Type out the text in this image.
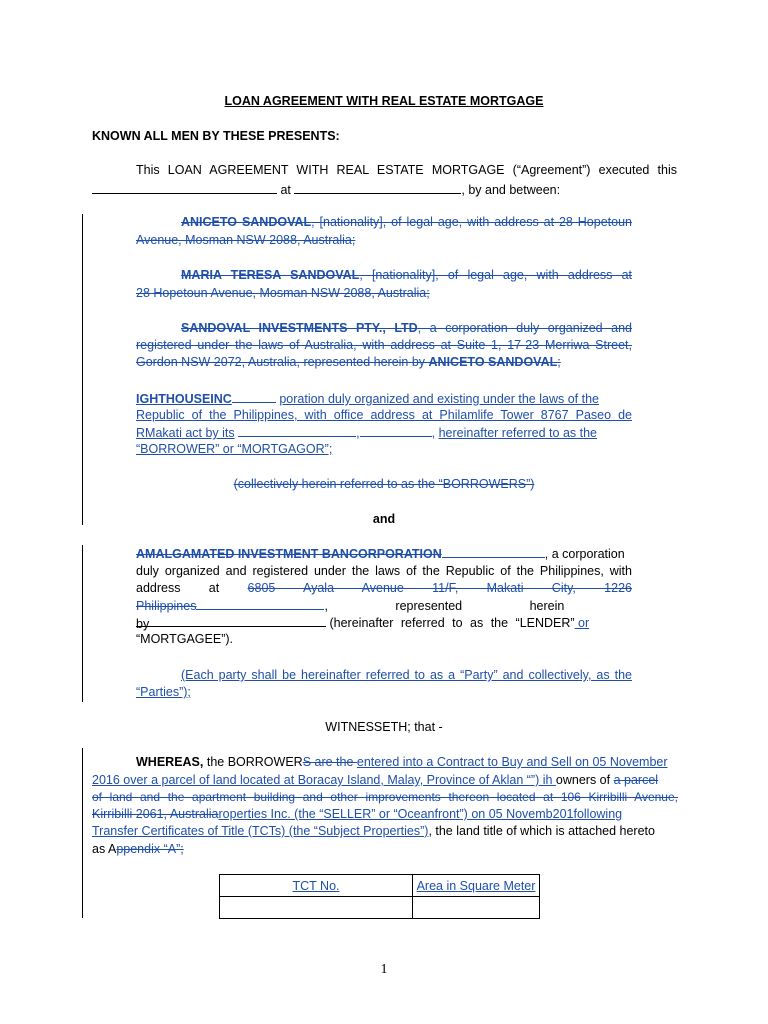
LOAN AGREEMENT WITH REAL ESTATE MORTGAGE
KNOWN ALL MEN BY THESE PRESENTS:
This LOAN AGREEMENT WITH REAL ESTATE MORTGAGE (“Agreement”) executed this
at	, by and between:
ANICETO SANDOVAL, [nationality], of legal age, with address at 28 Hopetoun
Avenue, Mosman NSW 2088, Australia;
MARIA TERESA SANDOVAL, [nationality], of legal age, with address at
28 Hopetoun Avenue, Mosman NSW 2088, Australia;
SANDOVAL INVESTMENTS PTY., LTD, a corporation duly organized and
registered under the laws of Australia, with address at Suite 1, 17-23 Merriwa Street,
Gordon NSW 2072, Australia, represented herein by ANICETO SANDOVAL;
IGHTHOUSEINC	poration duly organized and existing under the laws of the
Republic of the Philippines, with office address at Philamlife Tower 8767 Paseo de
RMakati act by its	,	, hereinafter referred to as the
“BORROWER” or “MORTGAGOR”;
(collectively herein referred to as the “BORROWERS”)
and
AMALGAMATED INVESTMENT BANCORPORATION	, a corporation
duly organized and registered under the laws of the Republic of the Philippines, with
address at 6805 Ayala Avenue 11/F, Makati City, 1226
Philippines	, represented herein by	(hereinafter referred to as the “LENDER” or
“MORTGAGEE”).
(Each party shall be hereinafter referred to as a “Party” and collectively, as the
“Parties”);
WITNESSETH; that -
WHEREAS, the BORROWERS are the entered into a Contract to Buy and Sell on 05 November
2016 over a parcel of land located at Boracay Island, Malay, Province of Aklan “”) ih owners of a parcel
of land and the apartment building and other improvements thereon located at 106 Kirribilli Avenue,
Kirribilli 2061, Australiaroperties Inc. (the “SELLER” or “Oceanfront”) on 05 Novemb201following
Transfer Certificates of Title (TCTs) (the “Subject Properties”), the land title of which is attached hereto
as Appendix “A”;
TCT No.	Area in Square Meter

1
